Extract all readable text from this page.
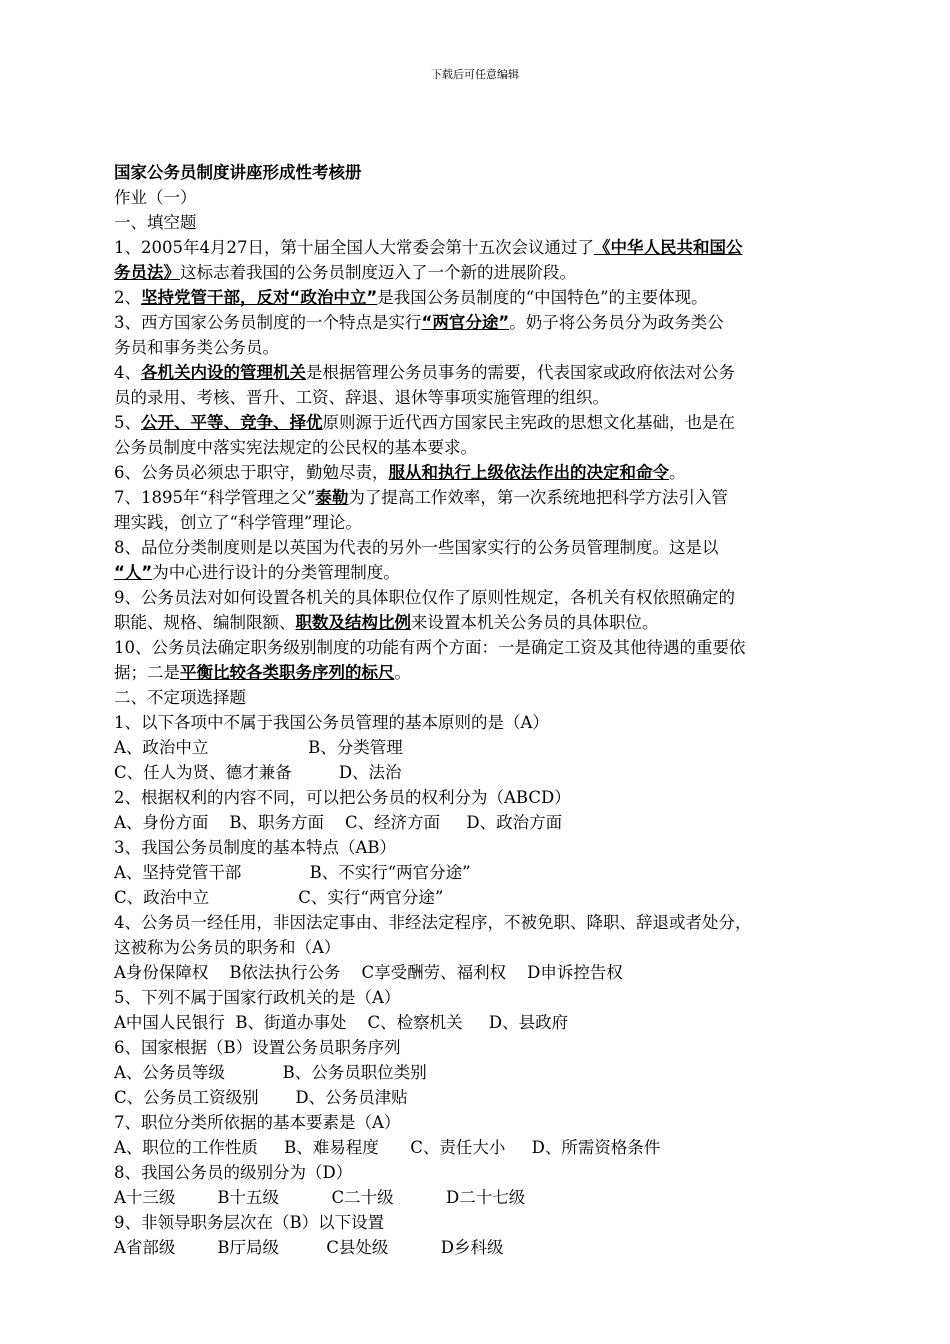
下载后可任意编辑
国家公务员制度讲座形成性考核册
作业（一）
一、填空题
1、2005年4月27日，第十届全国人大常委会第十五次会议通过了《中华人民共和国公
务员法》这标志着我国的公务员制度迈入了一个新的进展阶段。
2、坚持党管干部，反对“政治中立”是我国公务员制度的“中国特色”的主要体现。
3、西方国家公务员制度的一个特点是实行“两官分途”。奶子将公务员分为政务类公
务员和事务类公务员。
4、各机关内设的管理机关是根据管理公务员事务的需要，代表国家或政府依法对公务
员的录用、考核、晋升、工资、辞退、退休等事项实施管理的组织。
5、公开、平等、竞争、择优原则源于近代西方国家民主宪政的思想文化基础，也是在
公务员制度中落实宪法规定的公民权的基本要求。
6、公务员必须忠于职守，勤勉尽责，服从和执行上级依法作出的决定和命令。
7、1895年“科学管理之父”泰勒为了提高工作效率，第一次系统地把科学方法引入管
理实践，创立了“科学管理”理论。
8、品位分类制度则是以英国为代表的另外一些国家实行的公务员管理制度。这是以
“人”为中心进行设计的分类管理制度。
9、公务员法对如何设置各机关的具体职位仅作了原则性规定，各机关有权依照确定的
职能、规格、编制限额、职数及结构比例来设置本机关公务员的具体职位。
10、公务员法确定职务级别制度的功能有两个方面：一是确定工资及其他待遇的重要依
据；二是平衡比较各类职务序列的标尺。
二、不定项选择题
1、以下各项中不属于我国公务员管理的基本原则的是（A）
A、政治中立                   B、分类管理
C、任人为贤、德才兼备         D、法治
2、根据权利的内容不同，可以把公务员的权利分为（ABCD）
A、身份方面    B、职务方面    C、经济方面     D、政治方面
3、我国公务员制度的基本特点（AB）
A、坚持党管干部             B、不实行“两官分途”
C、政治中立                 C、实行“两官分途”
4、公务员一经任用，非因法定事由、非经法定程序，不被免职、降职、辞退或者处分，
这被称为公务员的职务和（A）
A身份保障权    B依法执行公务    C享受酬劳、福利权    D申诉控告权
5、下列不属于国家行政机关的是（A）
A中国人民银行  B、街道办事处    C、检察机关     D、县政府
6、国家根据（B）设置公务员职务序列
A、公务员等级           B、公务员职位类别
C、公务员工资级别       D、公务员津贴
7、职位分类所依据的基本要素是（A）
A、职位的工作性质     B、难易程度      C、责任大小     D、所需资格条件
8、我国公务员的级别分为（D）
A十三级        B十五级          C二十级          D二十七级
9、非领导职务层次在（B）以下设置
A省部级        B厅局级         C县处级          D乡科级
